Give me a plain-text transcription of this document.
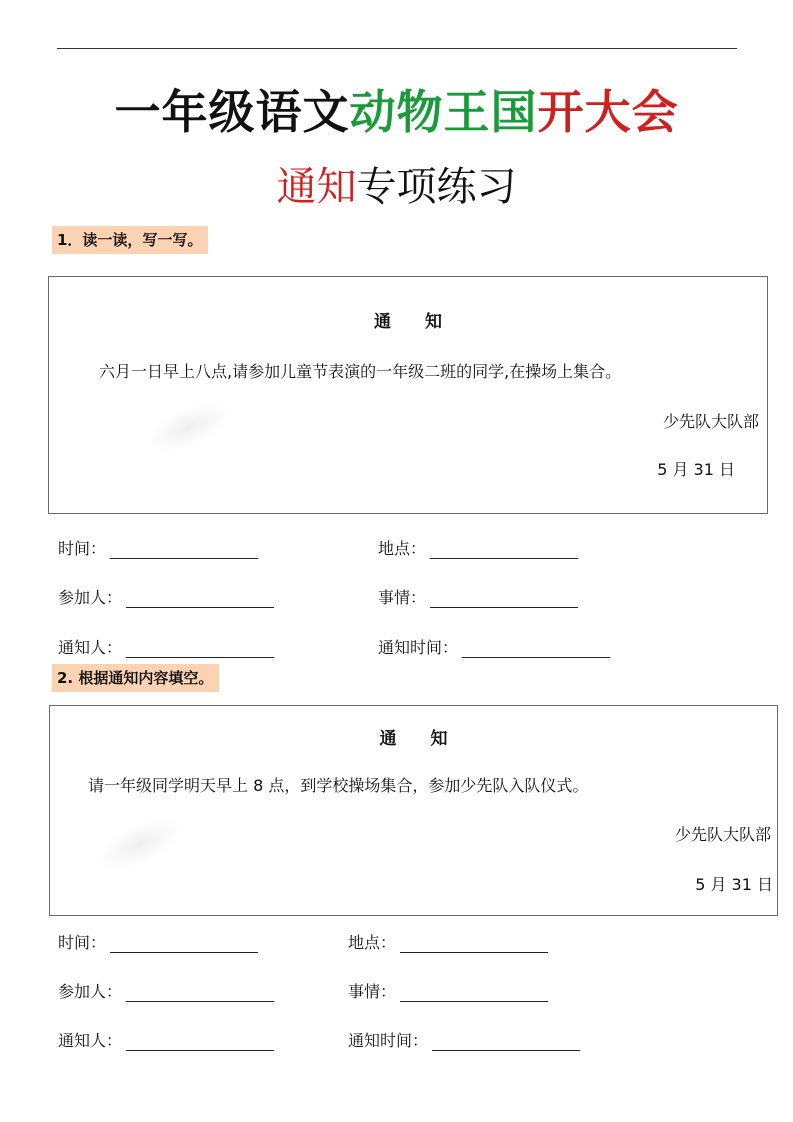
一年级语文动物王国开大会
通知专项练习
1．读一读，写一写。
通 知
六月一日早上八点,请参加儿童节表演的一年级二班的同学,在操场上集合。
少先队大队部
5 月 31 日
时间：	地点：
参加人：	事情：
通知人：	通知时间：
2. 根据通知内容填空。
通 知
请一年级同学明天早上 8 点，到学校操场集合，参加少先队入队仪式。
少先队大队部
5 月 31 日
时间：	地点：
参加人：	事情：
通知人：	通知时间：
